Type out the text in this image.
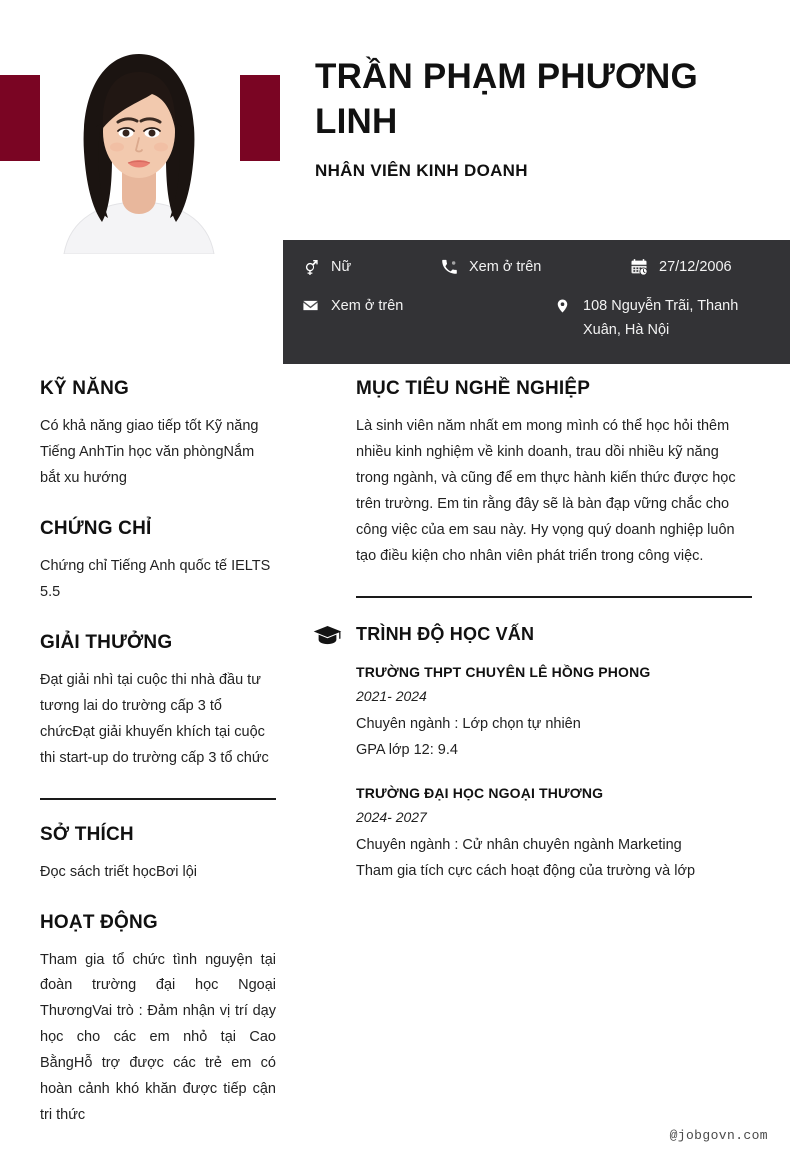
TRẦN PHẠM PHƯƠNG LINH
NHÂN VIÊN KINH DOANH
Nữ	Xem ở trên	27/12/2006
Xem ở trên	108 Nguyễn Trãi, Thanh Xuân, Hà Nội
KỸ NĂNG
Có khả năng giao tiếp tốt Kỹ năng Tiếng AnhTin học văn phòngNắm bắt xu hướng
CHỨNG CHỈ
Chứng chỉ Tiếng Anh quốc tế IELTS 5.5
GIẢI THƯỞNG
Đạt giải nhì tại cuộc thi nhà đầu tư tương lai do trường cấp 3 tổ chứcĐạt giải khuyến khích tại cuộc thi start-up do trường cấp 3 tổ chức
SỞ THÍCH
Đọc sách triết họcBơi lội
HOẠT ĐỘNG
Tham gia tổ chức tình nguyện tại đoàn trường đại học Ngoại ThươngVai trò : Đảm nhận vị trí dạy học cho các em nhỏ tại Cao BằngHỗ trợ được các trẻ em có hoàn cảnh khó khăn được tiếp cận tri thức
MỤC TIÊU NGHỀ NGHIỆP
Là sinh viên năm nhất em mong mình có thể học hỏi thêm nhiều kinh nghiệm về kinh doanh, trau dồi nhiều kỹ năng trong ngành, và cũng để em thực hành kiến thức được học trên trường. Em tin rằng đây sẽ là bàn đạp vững chắc cho công việc của em sau này. Hy vọng quý doanh nghiệp luôn tạo điều kiện cho nhân viên phát triển trong công việc.
TRÌNH ĐỘ HỌC VẤN
TRƯỜNG THPT CHUYÊN LÊ HỒNG PHONG
2021- 2024
Chuyên ngành : Lớp chọn tự nhiên
GPA lớp 12: 9.4
TRƯỜNG ĐẠI HỌC NGOẠI THƯƠNG
2024- 2027
Chuyên ngành : Cử nhân chuyên ngành Marketing
Tham gia tích cực cách hoạt động của trường và lớp
@jobgovn.com
